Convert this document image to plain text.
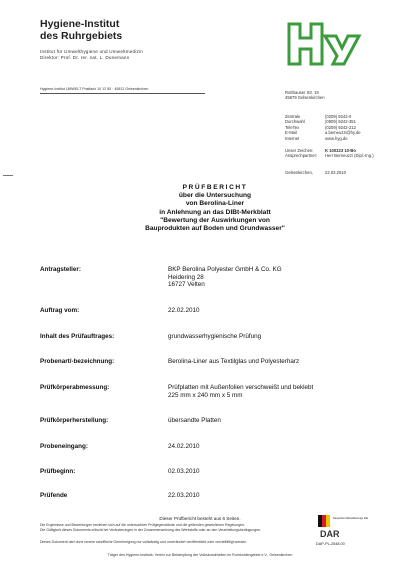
Hygiene-Institut
des Ruhrgebiets
Institut für Umwelthygiene und Umweltmedizin
Direktor: Prof. Dr. rer. nat. L. Dunemann
Hygiene-Institut UMWELT Postfach 10 12 55 · 45812 Gelsenkirchen
Rotthauser Str. 19
45879 Gelsenkirchen
Zentrale	(0209) 9242-0
Durchwahl	(0909) 9242-351
TeleTex	(0209) 9242-212
E-Mail	a.bemeuzzi@hy.de
Internet	www.hyg.de
Unser Zeichen:	K 100323 10-Bo
Ansprechpartner:	Herr Berneuzzi (Dipl.-Ing.)
Gelsenkirchen,	22.03.2010
PRÜFBERICHT
über die Untersuchung
von Berolina-Liner
in Anlehnung an das DIBt-Merkblatt
"Bewertung der Auswirkungen von
Bauprodukten auf Boden und Grundwasser"
Antragsteller:	BKP Berolina Polyester GmbH & Co. KG
Heidering 28
16727 Velten
Auftrag vom:	22.02.2010
Inhalt des Prüfauftrages:	grundwasserhygienische Prüfung
Probenart/-bezeichnung:	Berolina-Liner aus Textilglas und Polyesterharz
Prüfkörperabmessung:	Prüfplatten mit Außenfolien verschweißt und beklebt
225 mm x 240 mm x 5 mm
Prüfkörperherstellung:	übersandte Platten
Probeneingang:	24.02.2010
Prüfbeginn:	02.03.2010
Prüfende	22.03.2010
Dieser Prüfbericht besteht aus 6 Seiten.
Die Ergebnisse und Bewertungen beziehen sich auf die untersuchten Prüfgegenstände und die geltenden gesetzlichen Regelungen.
Die Gültigkeit dieses Dokuments erlischt bei Veränderungen in der Zusammensetzung des Werkstoffs oder an den Verarbeitungsbedingungen.
Dieses Dokument darf ohne unsere schriftliche Genehmigung nur vollständig und unverändert veröffentlicht oder vervielfältigt werden.
Träger des Hygiene-Instituts: Verein zur Bekämpfung der Volkskrankheiten im Ruhrkohlengebiet e.V., Gelsenkirchen
Deutscher Akkreditierungs Rat
DAR
DAP-PL-2548.00
